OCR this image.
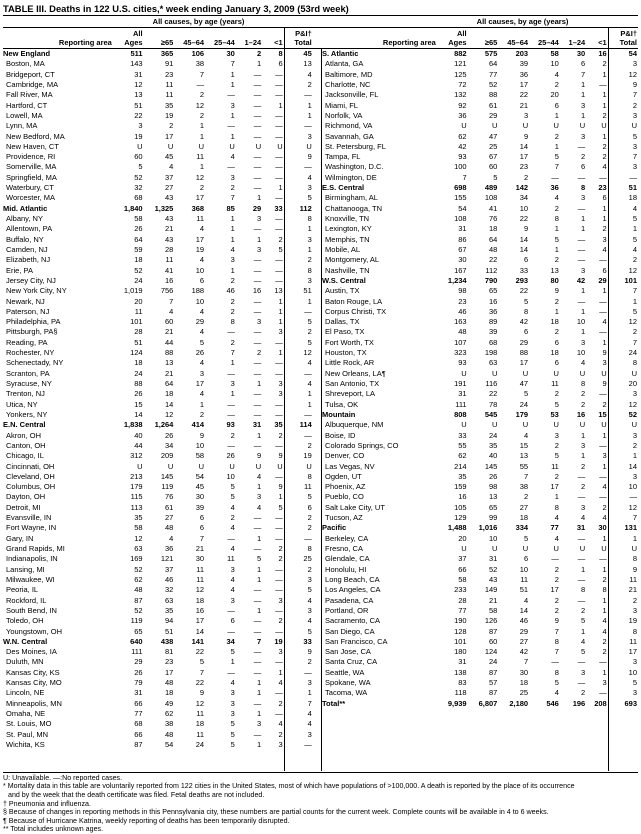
TABLE III. Deaths in 122 U.S. cities,* week ending January 3, 2009 (53rd week)
	All causes, by age (years)									All causes, by age (years)						
	All						P&I†			All						P&I†
Reporting area	Ages	≥65	45–64	25–44	1–24	<1	Total		Reporting area	Ages	≥65	45–64	25–44	1–24	<1	Total
New England	511	365	106	30	2	8	45		S. Atlantic	882	575	203	58	30	16	54
Boston, MA	143	91	38	7	1	6	13		Atlanta, GA	121	64	39	10	6	2	3
Bridgeport, CT	31	23	7	1	—	—	4		Baltimore, MD	125	77	36	4	7	1	12
Cambridge, MA	12	11	—	1	—	—	2		Charlotte, NC	72	52	17	2	1	—	9
Fall River, MA	13	11	2	—	—	—	—		Jacksonville, FL	132	88	22	20	1	1	7
Hartford, CT	51	35	12	3	—	1	1		Miami, FL	92	61	21	6	3	1	2
Lowell, MA	22	19	2	1	—	—	1		Norfolk, VA	36	29	3	1	1	2	3
Lynn, MA	3	2	1	—	—	—	—		Richmond, VA	U	U	U	U	U	U	U
New Bedford, MA	19	17	1	1	—	—	3		Savannah, GA	62	47	9	2	3	1	5
New Haven, CT	U	U	U	U	U	U	U		St. Petersburg, FL	42	25	14	1	—	2	3
Providence, RI	60	45	11	4	—	—	9		Tampa, FL	93	67	17	5	2	2	7
Somerville, MA	5	4	1	—	—	—	—		Washington, D.C.	100	60	23	7	6	4	3
Springfield, MA	52	37	12	3	—	—	4		Wilmington, DE	7	5	2	—	—	—	—
Waterbury, CT	32	27	2	2	—	1	3		E.S. Central	698	489	142	36	8	23	51
Worcester, MA	68	43	17	7	1	—	5		Birmingham, AL	155	108	34	4	3	6	18
Mid. Atlantic	1,840	1,325	368	85	29	33	112		Chattanooga, TN	54	41	10	2	—	1	4
Albany, NY	58	43	11	1	3	—	8		Knoxville, TN	108	76	22	8	1	1	5
Allentown, PA	26	21	4	1	—	—	1		Lexington, KY	31	18	9	1	1	2	1
Buffalo, NY	64	43	17	1	1	2	3		Memphis, TN	86	64	14	5	—	3	5
Camden, NJ	59	28	19	4	3	5	1		Mobile, AL	67	48	14	1	—	4	4
Elizabeth, NJ	18	11	4	3	—	—	2		Montgomery, AL	30	22	6	2	—	—	2
Erie, PA	52	41	10	1	—	—	8		Nashville, TN	167	112	33	13	3	6	12
Jersey City, NJ	24	16	6	2	—	—	3		W.S. Central	1,234	790	293	80	42	29	101
New York City, NY	1,019	756	188	46	16	13	51		Austin, TX	98	65	22	9	1	1	7
Newark, NJ	20	7	10	2	—	1	1		Baton Rouge, LA	23	16	5	2	—	—	1
Paterson, NJ	11	4	4	2	—	1	—		Corpus Christi, TX	46	36	8	1	1	—	5
Philadelphia, PA	101	60	29	8	3	1	5		Dallas, TX	163	89	42	18	10	4	12
Pittsburgh, PA§	28	21	4	—	—	3	2		El Paso, TX	48	39	6	2	1	—	2
Reading, PA	51	44	5	2	—	—	5		Fort Worth, TX	107	68	29	6	3	1	7
Rochester, NY	124	88	26	7	2	1	12		Houston, TX	323	198	88	18	10	9	24
Schenectady, NY	18	13	4	1	—	—	4		Little Rock, AR	93	63	17	6	4	3	8
Scranton, PA	24	21	3	—	—	—	—		New Orleans, LA¶	U	U	U	U	U	U	U
Syracuse, NY	88	64	17	3	1	3	4		San Antonio, TX	191	116	47	11	8	9	20
Trenton, NJ	26	18	4	1	—	3	1		Shreveport, LA	31	22	5	2	2	—	3
Utica, NY	15	14	1	—	—	—	1		Tulsa, OK	111	78	24	5	2	2	12
Yonkers, NY	14	12	2	—	—	—	—		Mountain	808	545	179	53	16	15	52
E.N. Central	1,838	1,264	414	93	31	35	114		Albuquerque, NM	U	U	U	U	U	U	U
Akron, OH	40	26	9	2	1	2	—		Boise, ID	33	24	4	3	1	1	3
Canton, OH	44	34	10	—	—	—	2		Colorado Springs, CO	55	35	15	2	3	—	2
Chicago, IL	312	209	58	26	9	9	19		Denver, CO	62	40	13	5	1	3	1
Cincinnati, OH	U	U	U	U	U	U	U		Las Vegas, NV	214	145	55	11	2	1	14
Cleveland, OH	213	145	54	10	4	—	8		Ogden, UT	35	26	7	2	—	—	3
Columbus, OH	179	119	45	5	1	9	11		Phoenix, AZ	159	98	38	17	2	4	10
Dayton, OH	115	76	30	5	3	1	5		Pueblo, CO	16	13	2	1	—	—	—
Detroit, MI	113	61	39	4	4	5	6		Salt Lake City, UT	105	65	27	8	3	2	12
Evansville, IN	35	27	6	2	—	—	2		Tucson, AZ	129	99	18	4	4	4	7
Fort Wayne, IN	58	48	6	4	—	—	2		Pacific	1,488	1,016	334	77	31	30	131
Gary, IN	12	4	7	—	1	—	—		Berkeley, CA	20	10	5	4	—	1	1
Grand Rapids, MI	63	36	21	4	—	2	8		Fresno, CA	U	U	U	U	U	U	U
Indianapolis, IN	169	121	30	11	5	2	25		Glendale, CA	37	31	6	—	—	—	8
Lansing, MI	52	37	11	3	1	—	2		Honolulu, HI	66	52	10	2	1	1	9
Milwaukee, WI	62	46	11	4	1	—	3		Long Beach, CA	58	43	11	2	—	2	11
Peoria, IL	48	32	12	4	—	—	5		Los Angeles, CA	233	149	51	17	8	8	21
Rockford, IL	87	63	18	3	—	3	4		Pasadena, CA	28	21	4	2	—	1	2
South Bend, IN	52	35	16	—	1	—	3		Portland, OR	77	58	14	2	2	1	3
Toledo, OH	119	94	17	6	—	2	4		Sacramento, CA	190	126	46	9	5	4	19
Youngstown, OH	65	51	14	—	—	—	5		San Diego, CA	128	87	29	7	1	4	8
W.N. Central	640	438	141	34	7	19	33		San Francisco, CA	101	60	27	8	4	2	11
Des Moines, IA	111	81	22	5	—	3	9		San Jose, CA	180	124	42	7	5	2	17
Duluth, MN	29	23	5	1	—	—	2		Santa Cruz, CA	31	24	7	—	—	—	3
Kansas City, KS	26	17	7	—	—	1	—		Seattle, WA	138	87	30	8	3	1	10
Kansas City, MO	79	48	22	4	1	4	3		Spokane, WA	83	57	18	5	—	3	5
Lincoln, NE	31	18	9	3	1	—	1		Tacoma, WA	118	87	25	4	2	—	3
Minneapolis, MN	66	49	12	3	—	2	7		Total**	9,939	6,807	2,180	546	196	208	693
Omaha, NE	77	62	11	3	1	—	4									
St. Louis, MO	68	38	18	5	3	4	4									
St. Paul, MN	66	48	11	5	—	2	3									
Wichita, KS	87	54	24	5	1	3	—									

U: Unavailable. —:No reported cases.
* Mortality data in this table are voluntarily reported from 122 cities in the United States, most of which have populations of >100,000. A death is reported by the place of its occurrence
and by the week that the death certificate was filed. Fetal deaths are not included.
† Pneumonia and influenza.
§ Because of changes in reporting methods in this Pennsylvania city, these numbers are partial counts for the current week. Complete counts will be available in 4 to 6 weeks.
¶ Because of Hurricane Katrina, weekly reporting of deaths has been temporarily disrupted.
** Total includes unknown ages.
